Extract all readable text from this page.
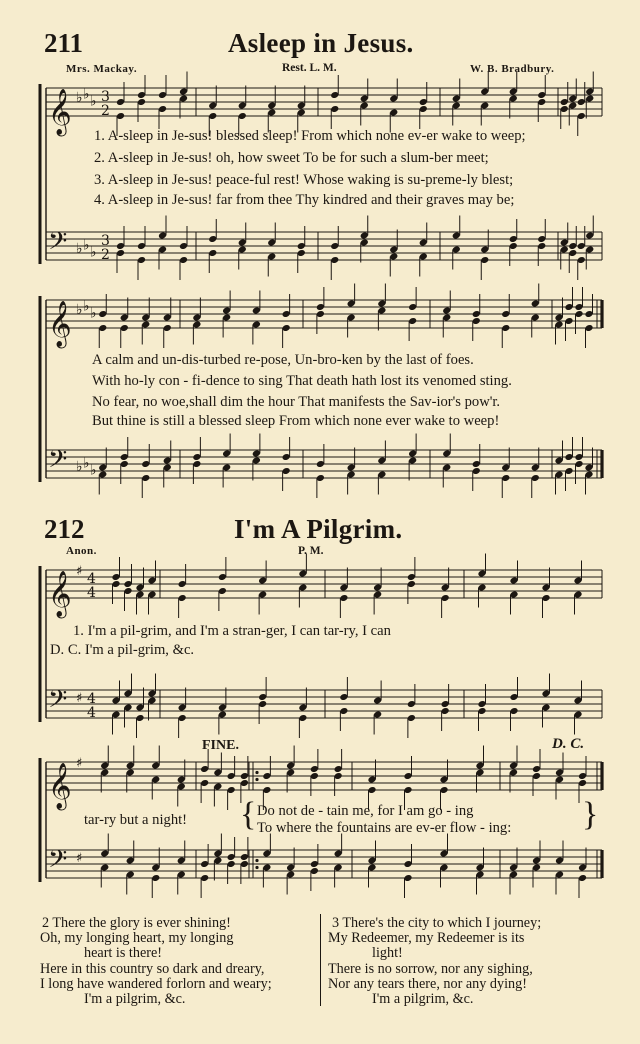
𝄞
𝄢
♭
♭
♭
♭
♭
♭
3
2
3
2
𝄞
𝄢
♭
♭
♭
♭
♭
♭
𝄞
𝄢
♯
♯
4
4
4
4
𝄞
𝄢
♯
♯
211	Asleep in Jesus.
Mrs. Mackay.	Rest. L. M.	W. B. Bradbury.
1. A-sleep in Je-sus! blessed sleep! From which none ev-er wake to weep;
2. A-sleep in Je-sus! oh, how sweet To be for such a slum-ber meet;
3. A-sleep in Je-sus! peace-ful rest! Whose waking is su-preme-ly blest;
4. A-sleep in Je-sus! far from thee Thy kindred and their graves may be;
A calm and un-dis-turbed re-pose, Un-bro-ken by the last of foes.
With ho-ly con - fi-dence to sing That death hath lost its venomed sting.
No fear, no woe,shall dim the hour That manifests the Sav-ior's pow'r.
But thine is still a blessed sleep From which none ever wake to weep!
212	I'm A Pilgrim.
Anon.	P. M.
1. I'm a pil-grim, and I'm a stran-ger, I can tar-ry, I can
D. C. I'm a pil-grim, &c.
FINE.	D. C.
tar-ry but a night! { Do not de - tain me, for I am go - ing
To where the fountains are ev-er flow - ing: }
2 There the glory is ever shining!
Oh, my longing heart, my longing
heart is there!
Here in this country so dark and dreary,
I long have wandered forlorn and weary;
I'm a pilgrim, &c.
3 There's the city to which I journey;
My Redeemer, my Redeemer is its
light!
There is no sorrow, nor any sighing,
Nor any tears there, nor any dying!
I'm a pilgrim, &c.
